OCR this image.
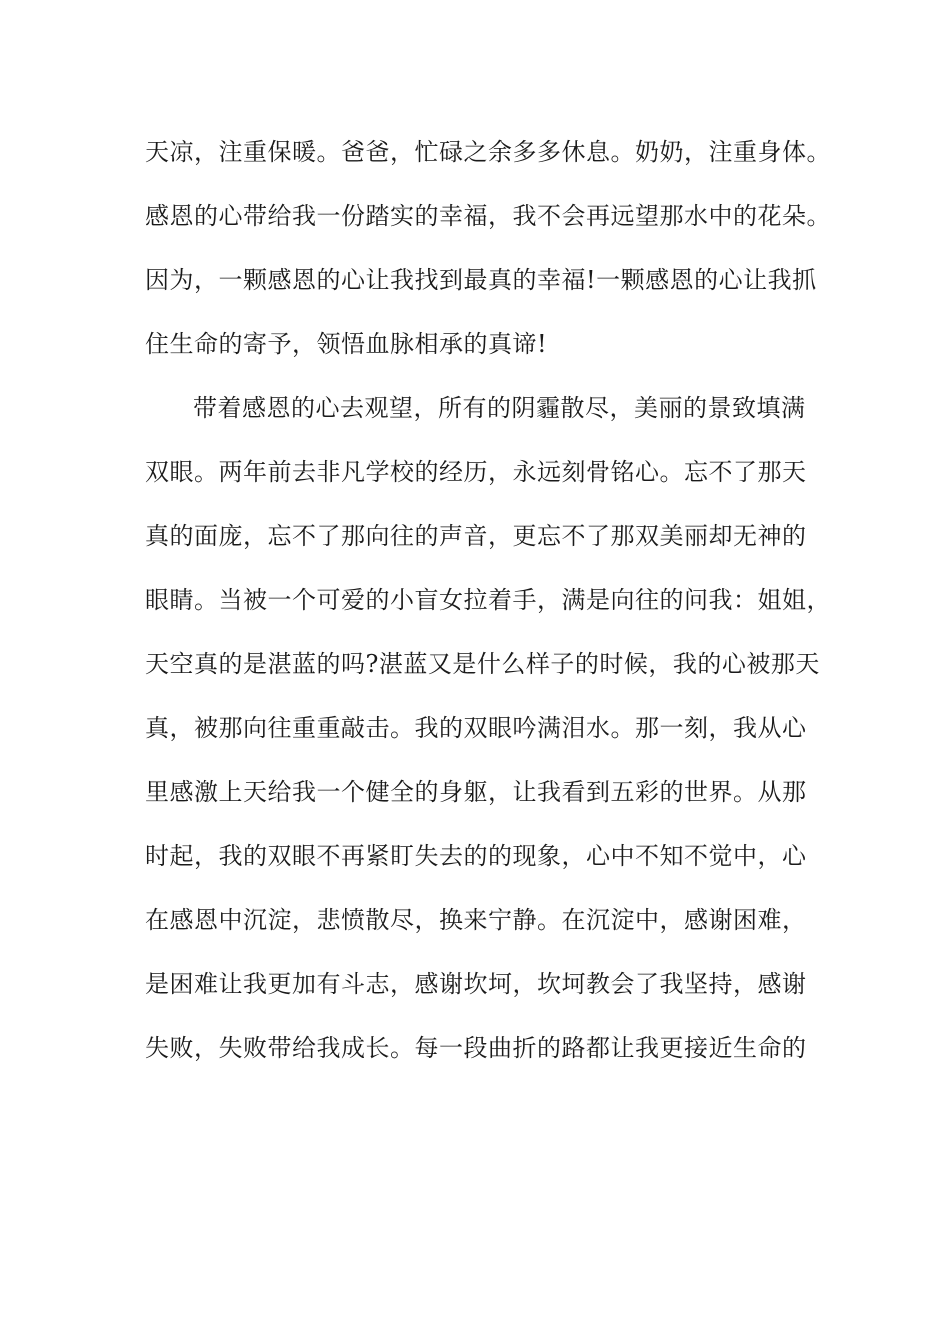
天凉，注重保暖。爸爸，忙碌之余多多休息。奶奶，注重身体。
感恩的心带给我一份踏实的幸福，我不会再远望那水中的花朵。
因为，一颗感恩的心让我找到最真的幸福!一颗感恩的心让我抓
住生命的寄予，领悟血脉相承的真谛!
带着感恩的心去观望，所有的阴霾散尽，美丽的景致填满
双眼。两年前去非凡学校的经历，永远刻骨铭心。忘不了那天
真的面庞，忘不了那向往的声音，更忘不了那双美丽却无神的
眼睛。当被一个可爱的小盲女拉着手，满是向往的问我：姐姐，
天空真的是湛蓝的吗?湛蓝又是什么样子的时候，我的心被那天
真，被那向往重重敲击。我的双眼吟满泪水。那一刻，我从心
里感激上天给我一个健全的身躯，让我看到五彩的世界。从那
时起，我的双眼不再紧盯失去的的现象，心中不知不觉中，心
在感恩中沉淀，悲愤散尽，换来宁静。在沉淀中，感谢困难，
是困难让我更加有斗志，感谢坎坷，坎坷教会了我坚持，感谢
失败，失败带给我成长。每一段曲折的路都让我更接近生命的
